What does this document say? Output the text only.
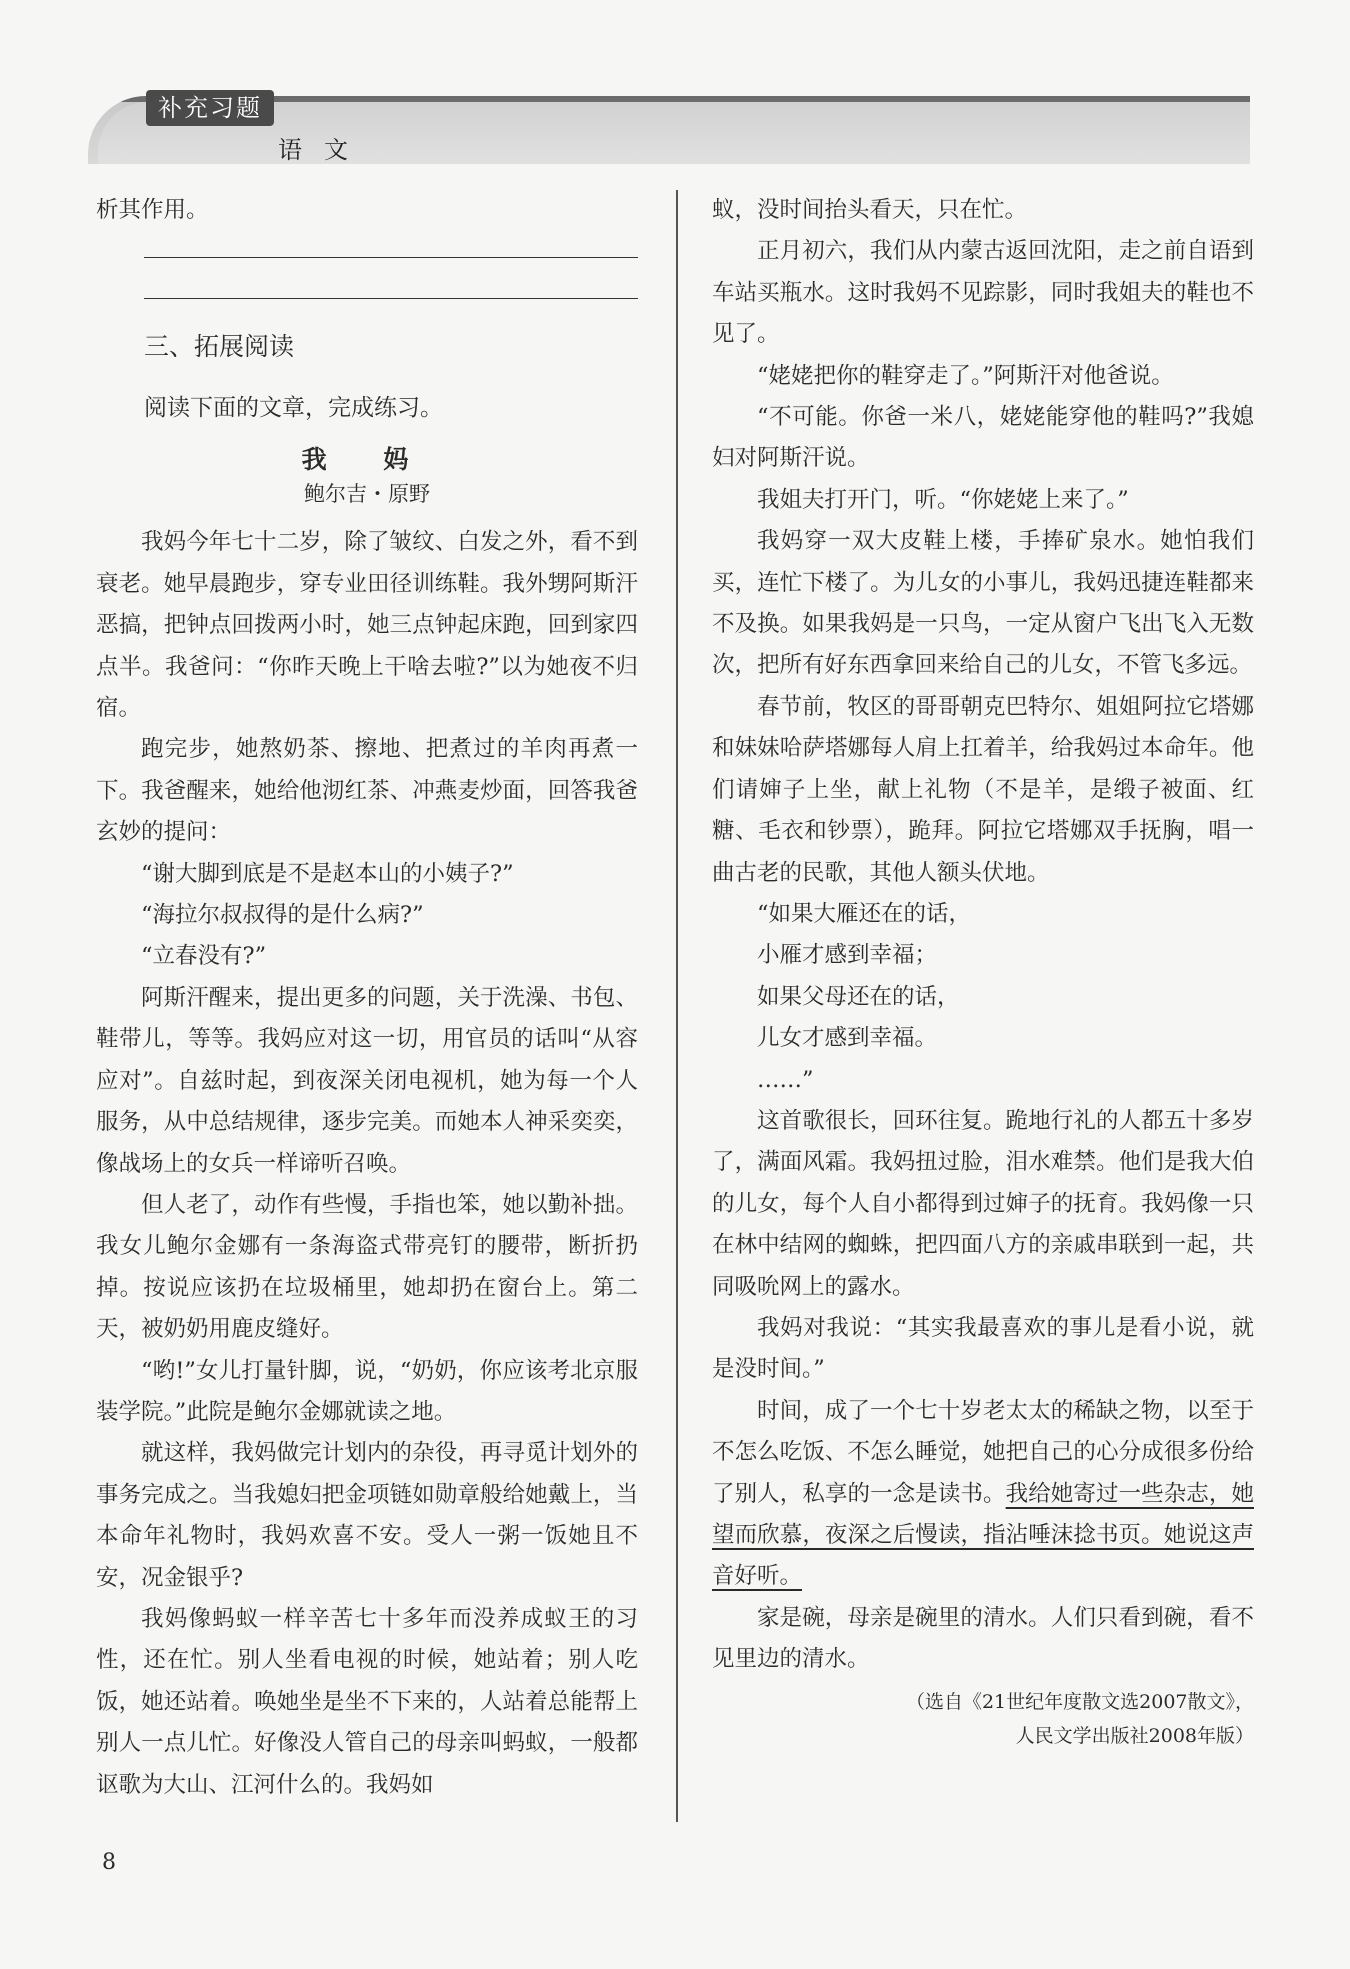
补充习题
语文

析其作用。

三、拓展阅读
阅读下面的文章，完成练习。
我 妈
鲍尔吉・原野

我妈今年七十二岁，除了皱纹、白发之外，看不到衰老。她早晨跑步，穿专业田径训练鞋。我外甥阿斯汗恶搞，把钟点回拨两小时，她三点钟起床跑，回到家四点半。我爸问：“你昨天晚上干啥去啦?”以为她夜不归宿。

跑完步，她熬奶茶、擦地、把煮过的羊肉再煮一下。我爸醒来，她给他沏红茶、冲燕麦炒面，回答我爸玄妙的提问：

“谢大脚到底是不是赵本山的小姨子?”

“海拉尔叔叔得的是什么病?”

“立春没有?”

阿斯汗醒来，提出更多的问题，关于洗澡、书包、鞋带儿，等等。我妈应对这一切，用官员的话叫“从容应对”。自兹时起，到夜深关闭电视机，她为每一个人服务，从中总结规律，逐步完美。而她本人神采奕奕，像战场上的女兵一样谛听召唤。

但人老了，动作有些慢，手指也笨，她以勤补拙。我女儿鲍尔金娜有一条海盗式带亮钉的腰带，断折扔掉。按说应该扔在垃圾桶里，她却扔在窗台上。第二天，被奶奶用鹿皮缝好。

“哟!”女儿打量针脚，说，“奶奶，你应该考北京服装学院。”此院是鲍尔金娜就读之地。

就这样，我妈做完计划内的杂役，再寻觅计划外的事务完成之。当我媳妇把金项链如勋章般给她戴上，当本命年礼物时，我妈欢喜不安。受人一粥一饭她且不安，况金银乎?

我妈像蚂蚁一样辛苦七十多年而没养成蚁王的习性，还在忙。别人坐看电视的时候，她站着；别人吃饭，她还站着。唤她坐是坐不下来的，人站着总能帮上别人一点儿忙。好像没人管自己的母亲叫蚂蚁，一般都讴歌为大山、江河什么的。我妈如

蚁，没时间抬头看天，只在忙。

正月初六，我们从内蒙古返回沈阳，走之前自语到车站买瓶水。这时我妈不见踪影，同时我姐夫的鞋也不见了。

“姥姥把你的鞋穿走了。”阿斯汗对他爸说。

“不可能。你爸一米八，姥姥能穿他的鞋吗?”我媳妇对阿斯汗说。

我姐夫打开门，听。“你姥姥上来了。”

我妈穿一双大皮鞋上楼，手捧矿泉水。她怕我们买，连忙下楼了。为儿女的小事儿，我妈迅捷连鞋都来不及换。如果我妈是一只鸟，一定从窗户飞出飞入无数次，把所有好东西拿回来给自己的儿女，不管飞多远。

春节前，牧区的哥哥朝克巴特尔、姐姐阿拉它塔娜和妹妹哈萨塔娜每人肩上扛着羊，给我妈过本命年。他们请婶子上坐，献上礼物（不是羊，是缎子被面、红糖、毛衣和钞票），跪拜。阿拉它塔娜双手抚胸，唱一曲古老的民歌，其他人额头伏地。

“如果大雁还在的话，

小雁才感到幸福；

如果父母还在的话，

儿女才感到幸福。

……”

这首歌很长，回环往复。跪地行礼的人都五十多岁了，满面风霜。我妈扭过脸，泪水难禁。他们是我大伯的儿女，每个人自小都得到过婶子的抚育。我妈像一只在林中结网的蜘蛛，把四面八方的亲戚串联到一起，共同吸吮网上的露水。

我妈对我说：“其实我最喜欢的事儿是看小说，就是没时间。”

时间，成了一个七十岁老太太的稀缺之物，以至于不怎么吃饭、不怎么睡觉，她把自己的心分成很多份给了别人，私享的一念是读书。我给她寄过一些杂志，她望而欣慕，夜深之后慢读，指沾唾沫捻书页。她说这声音好听。

家是碗，母亲是碗里的清水。人们只看到碗，看不见里边的清水。

（选自《21世纪年度散文选2007散文》，
人民文学出版社2008年版）
8
